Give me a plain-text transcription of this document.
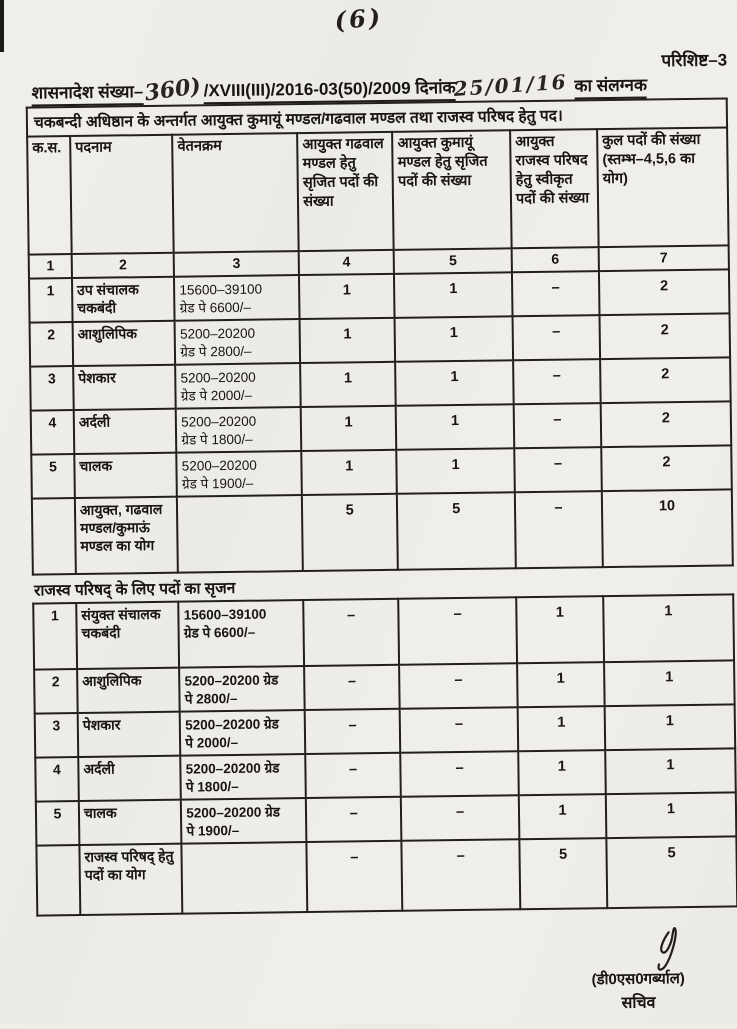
(6)
परिशिष्ट–3
शासनादेश संख्या–360)/XVIII(III)/2016-03(50)/2009 दिनांक25/01/16 का संलग्नक
चकबन्दी अधिष्ठान के अन्तर्गत आयुक्त कुमायूं मण्डल/गढवाल मण्डल तथा राजस्व परिषद हेतु पद।
क.स.	पदनाम	वेतनक्रम	आयुक्त गढवाल मण्डल हेतु सृजित पदों की संख्या	आयुक्त कुमायूं मण्डल हेतु सृजित पदों की संख्या	आयुक्त राजस्व परिषद हेतु स्वीकृत पदों की संख्या	कुल पदों की संख्या (स्तम्भ–4,5,6 का योग)
1	2	3	4	5	6	7
1	उप संचालक चकबंदी	15600–39100
ग्रेड पे 6600/–	1	1	–	2
2	आशुलिपिक	5200–20200
ग्रेड पे 2800/–	1	1	–	2
3	पेशकार	5200–20200
ग्रेड पे 2000/–	1	1	–	2
4	अर्दली	5200–20200
ग्रेड पे 1800/–	1	1	–	2
5	चालक	5200–20200
ग्रेड पे 1900/–	1	1	–	2
	आयुक्त, गढवाल मण्डल/कुमाऊं मण्डल का योग		5	5	–	10
राजस्व परिषद् के लिए पदों का सृजन
1	संयुक्त संचालक चकबंदी	15600–39100
ग्रेड पे 6600/–	–	–	1	1
2	आशुलिपिक	5200–20200 ग्रेड
पे 2800/–	–	–	1	1
3	पेशकार	5200–20200 ग्रेड
पे 2000/–	–	–	1	1
4	अर्दली	5200–20200 ग्रेड
पे 1800/–	–	–	1	1
5	चालक	5200–20200 ग्रेड
पे 1900/–	–	–	1	1
	राजस्व परिषद् हेतु पदों का योग		–	–	5	5
(डी0एस0गर्ब्याल)
सचिव
